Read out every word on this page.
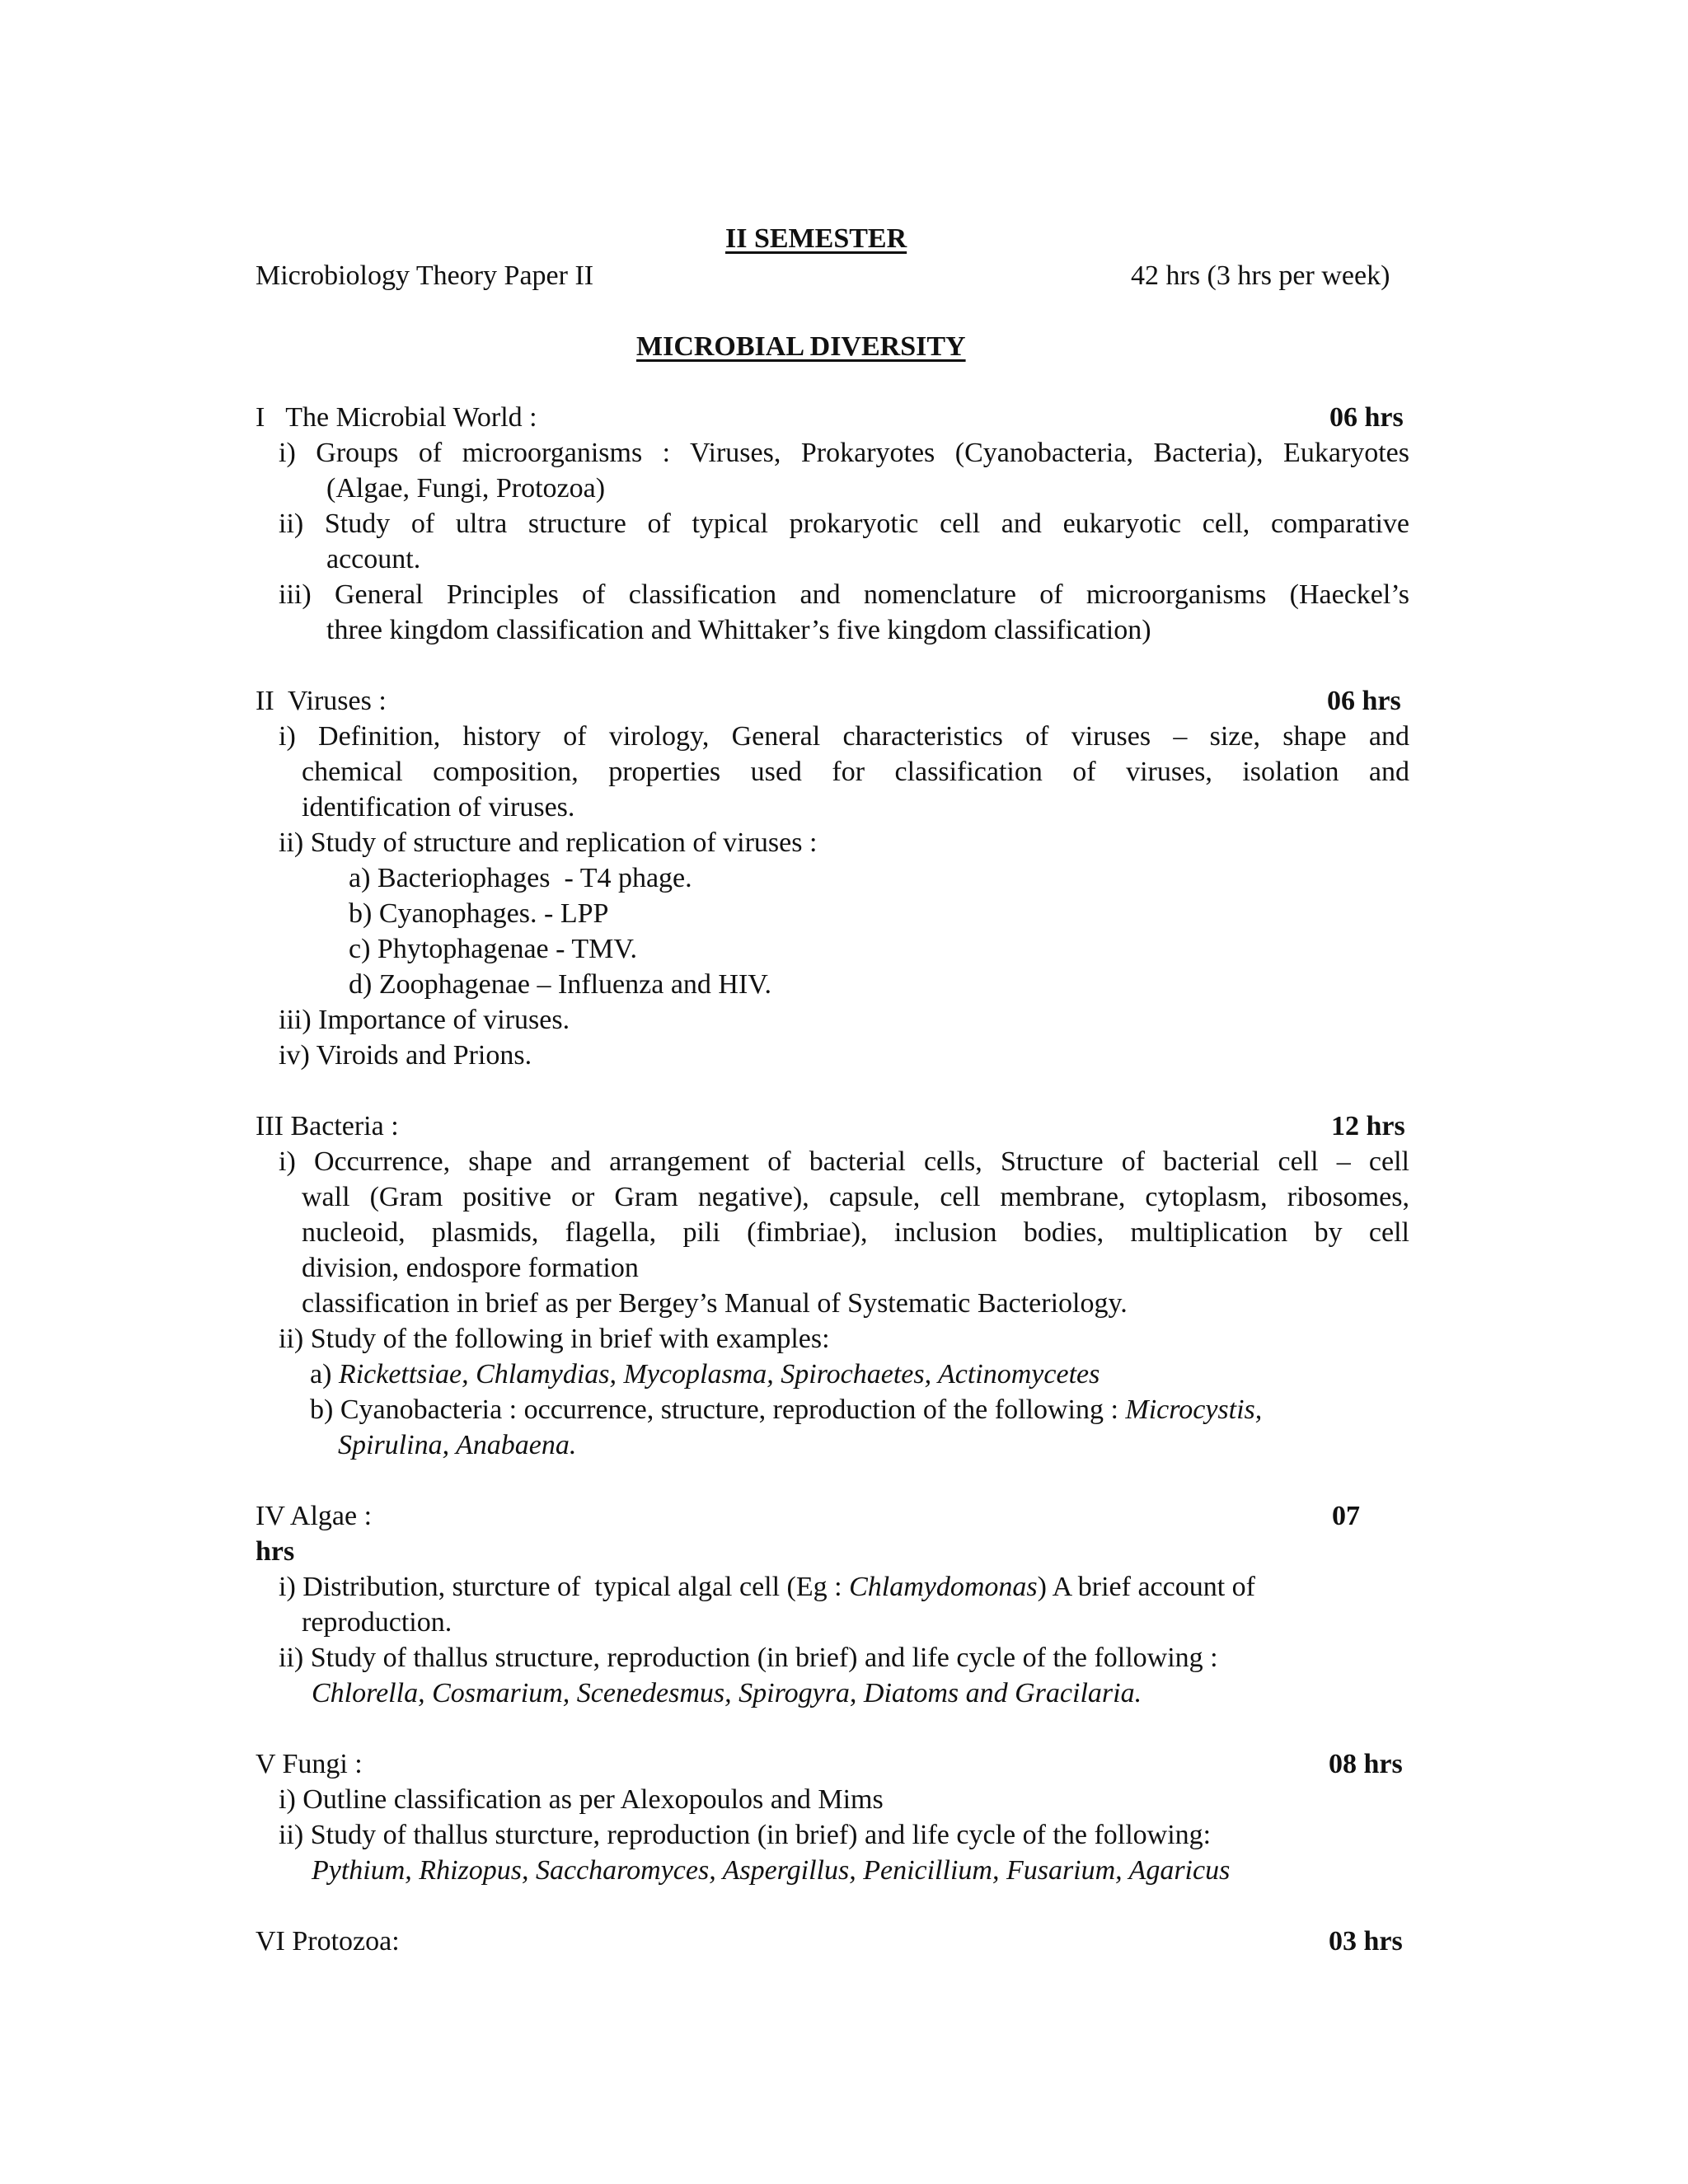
II SEMESTER
Microbiology Theory Paper II	42 hrs (3 hrs per week)
MICROBIAL DIVERSITY
I   The Microbial World :	06 hrs
i) Groups of microorganisms : Viruses, Prokaryotes (Cyanobacteria, Bacteria), Eukaryotes
(Algae, Fungi, Protozoa)
ii) Study of ultra structure of typical prokaryotic cell and eukaryotic cell, comparative
account.
iii) General Principles of classification and nomenclature of microorganisms (Haeckel’s
three kingdom classification and Whittaker’s five kingdom classification)
II  Viruses :	06 hrs
i) Definition, history of virology, General characteristics of viruses – size, shape and
chemical composition, properties used for classification of viruses, isolation and
identification of viruses.
ii) Study of structure and replication of viruses :
a) Bacteriophages  - T4 phage.
b) Cyanophages. - LPP
c) Phytophagenae - TMV.
d) Zoophagenae – Influenza and HIV.
iii) Importance of viruses.
iv) Viroids and Prions.
III Bacteria :	12 hrs
i) Occurrence, shape and arrangement of bacterial cells, Structure of bacterial cell – cell
wall (Gram positive or Gram negative), capsule, cell membrane, cytoplasm, ribosomes,
nucleoid, plasmids, flagella, pili (fimbriae), inclusion bodies, multiplication by cell
division, endospore formation
classification in brief as per Bergey’s Manual of Systematic Bacteriology.
ii) Study of the following in brief with examples:
a) Rickettsiae, Chlamydias, Mycoplasma, Spirochaetes, Actinomycetes
b) Cyanobacteria : occurrence, structure, reproduction of the following : Microcystis,
Spirulina, Anabaena.
IV Algae :	07
hrs
i) Distribution, sturcture of  typical algal cell (Eg : Chlamydomonas) A brief account of
reproduction.
ii) Study of thallus structure, reproduction (in brief) and life cycle of the following :
Chlorella, Cosmarium, Scenedesmus, Spirogyra, Diatoms and Gracilaria.
V Fungi :	08 hrs
i) Outline classification as per Alexopoulos and Mims
ii) Study of thallus sturcture, reproduction (in brief) and life cycle of the following:
Pythium, Rhizopus, Saccharomyces, Aspergillus, Penicillium, Fusarium, Agaricus
VI Protozoa:	03 hrs
